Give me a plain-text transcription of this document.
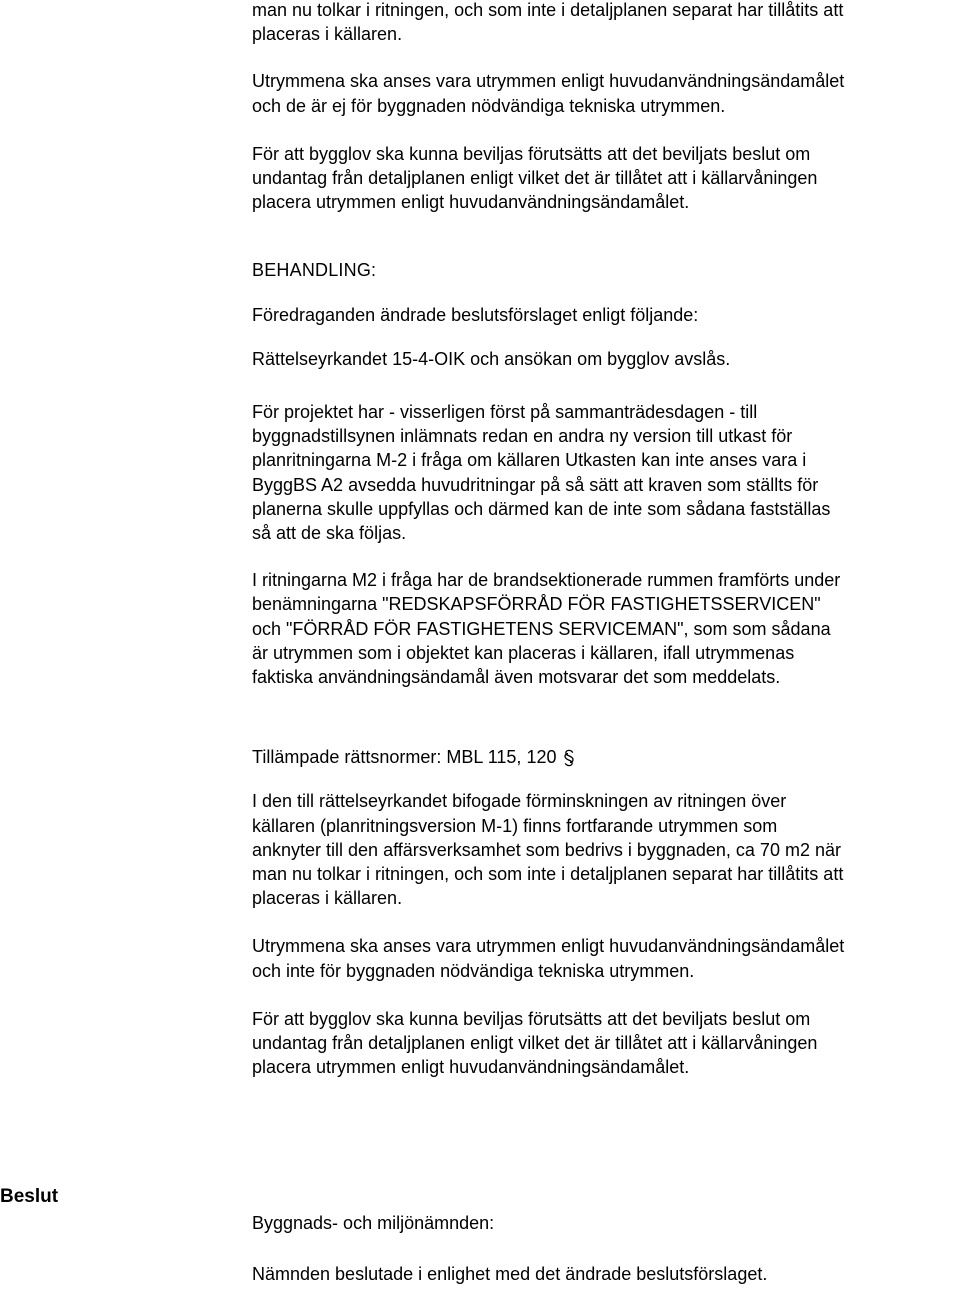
man nu tolkar i ritningen, och som inte i detaljplanen separat har tillåtits att
placeras i källaren.

Utrymmena ska anses vara utrymmen enligt huvudanvändningsändamålet
och de är ej för byggnaden nödvändiga tekniska utrymmen.

För att bygglov ska kunna beviljas förutsätts att det beviljats beslut om
undantag från detaljplanen enligt vilket det är tillåtet att i källarvåningen
placera utrymmen enligt huvudanvändningsändamålet.

BEHANDLING:

Föredraganden ändrade beslutsförslaget enligt följande:

Rättelseyrkandet 15-4-OIK och ansökan om bygglov avslås.

För projektet har - visserligen först på sammanträdesdagen - till
byggnadstillsynen inlämnats redan en andra ny version till utkast för
planritningarna M-2 i fråga om källaren Utkasten kan inte anses vara i
ByggBS A2 avsedda huvudritningar på så sätt att kraven som ställts för
planerna skulle uppfyllas och därmed kan de inte som sådana fastställas
så att de ska följas.

I ritningarna M2 i fråga har de brandsektionerade rummen framförts under
benämningarna "REDSKAPSFÖRRÅD FÖR FASTIGHETSSERVICEN"
och "FÖRRÅD FÖR FASTIGHETENS SERVICEMAN", som som sådana
är utrymmen som i objektet kan placeras i källaren, ifall utrymmenas
faktiska användningsändamål även motsvarar det som meddelats.

Tillämpade rättsnormer: MBL 115, 120

I den till rättelseyrkandet bifogade förminskningen av ritningen över
källaren (planritningsversion M-1) finns fortfarande utrymmen som
anknyter till den affärsverksamhet som bedrivs i byggnaden, ca 70 m2 när
man nu tolkar i ritningen, och som inte i detaljplanen separat har tillåtits att
placeras i källaren.

Utrymmena ska anses vara utrymmen enligt huvudanvändningsändamålet
och inte för byggnaden nödvändiga tekniska utrymmen.

För att bygglov ska kunna beviljas förutsätts att det beviljats beslut om
undantag från detaljplanen enligt vilket det är tillåtet att i källarvåningen
placera utrymmen enligt huvudanvändningsändamålet.

Beslut

Byggnads- och miljönämnden:

Nämnden beslutade i enlighet med det ändrade beslutsförslaget.
